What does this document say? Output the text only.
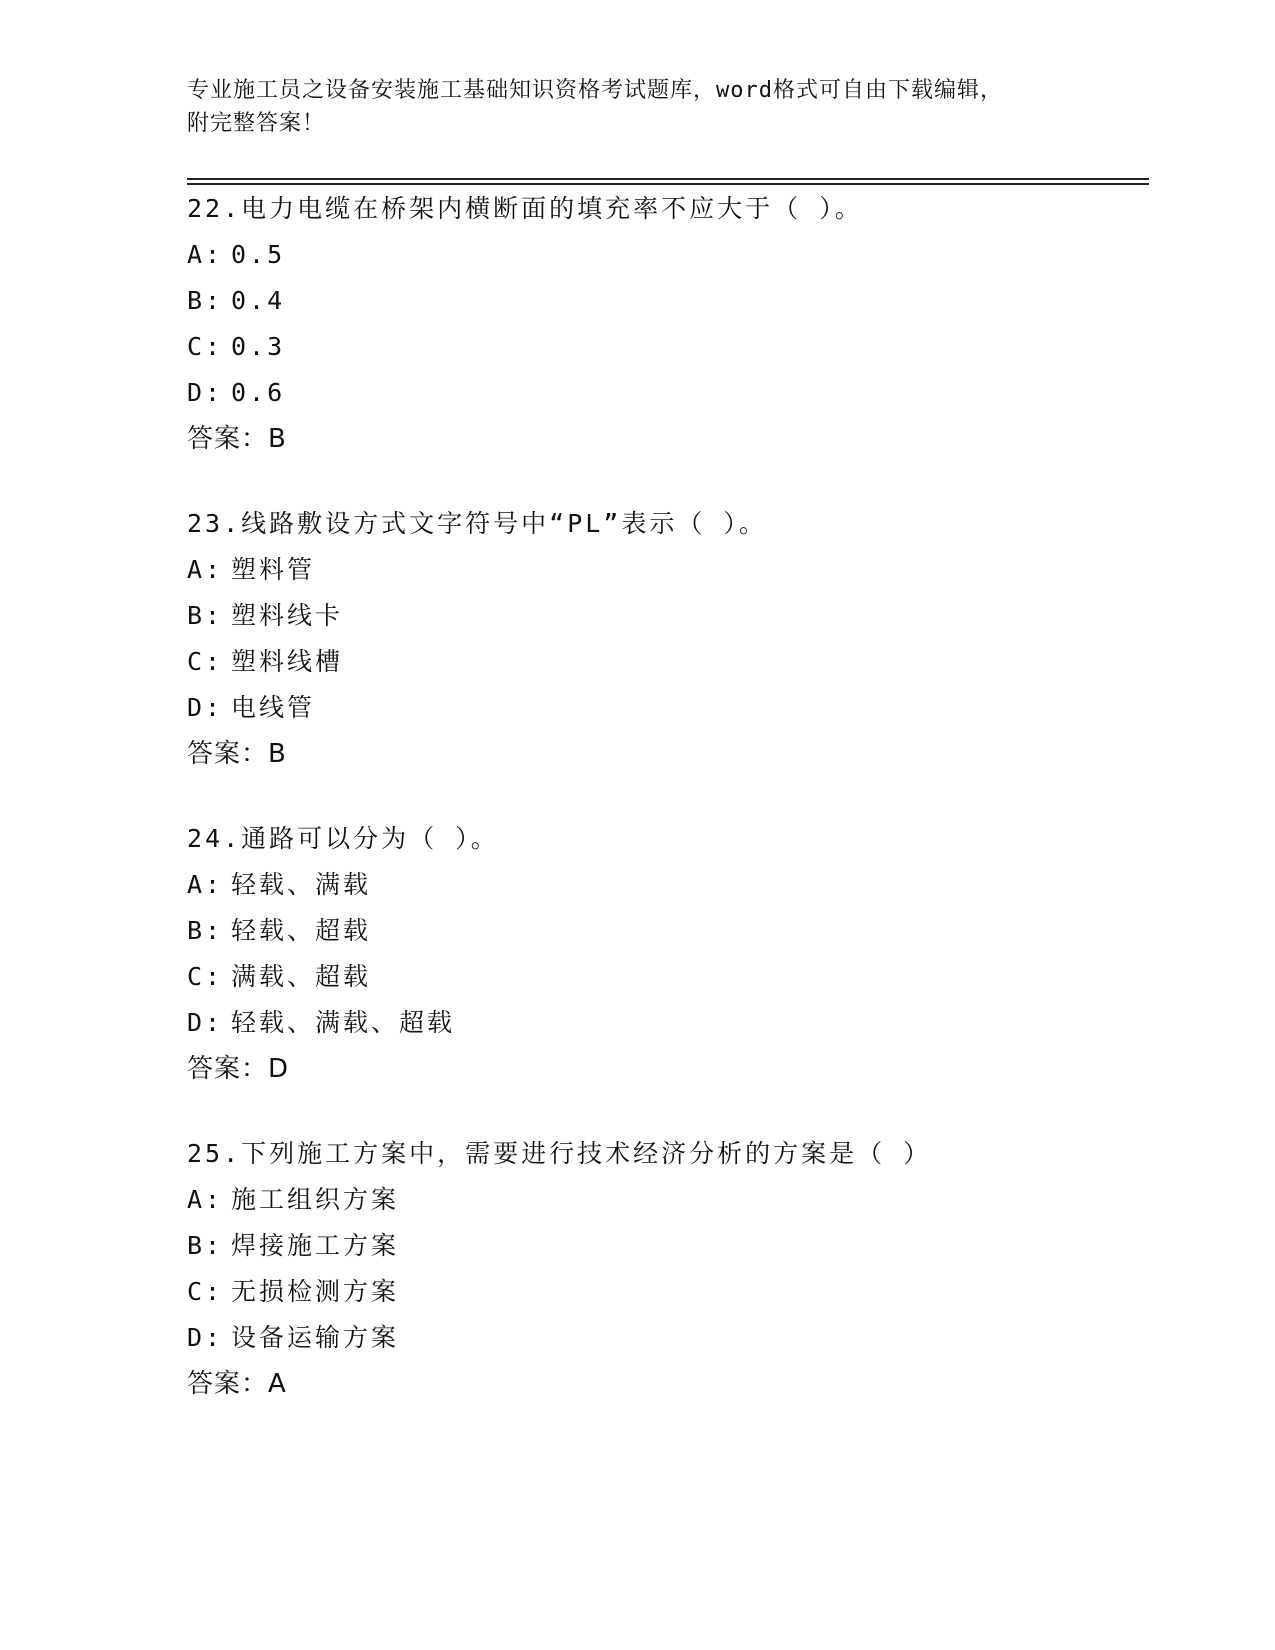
专业施工员之设备安装施工基础知识资格考试题库，word格式可自由下载编辑，
附完整答案！
22.电力电缆在桥架内横断面的填充率不应大于（ ）。
A: 0.5
B: 0.4
C: 0.3
D: 0.6
答案：B
23.线路敷设方式文字符号中“PL”表示（ ）。
A: 塑料管
B: 塑料线卡
C: 塑料线槽
D: 电线管
答案：B
24.通路可以分为（ ）。
A: 轻载、满载
B: 轻载、超载
C: 满载、超载
D: 轻载、满载、超载
答案：D
25.下列施工方案中，需要进行技术经济分析的方案是（ ）
A: 施工组织方案
B: 焊接施工方案
C: 无损检测方案
D: 设备运输方案
答案：A
